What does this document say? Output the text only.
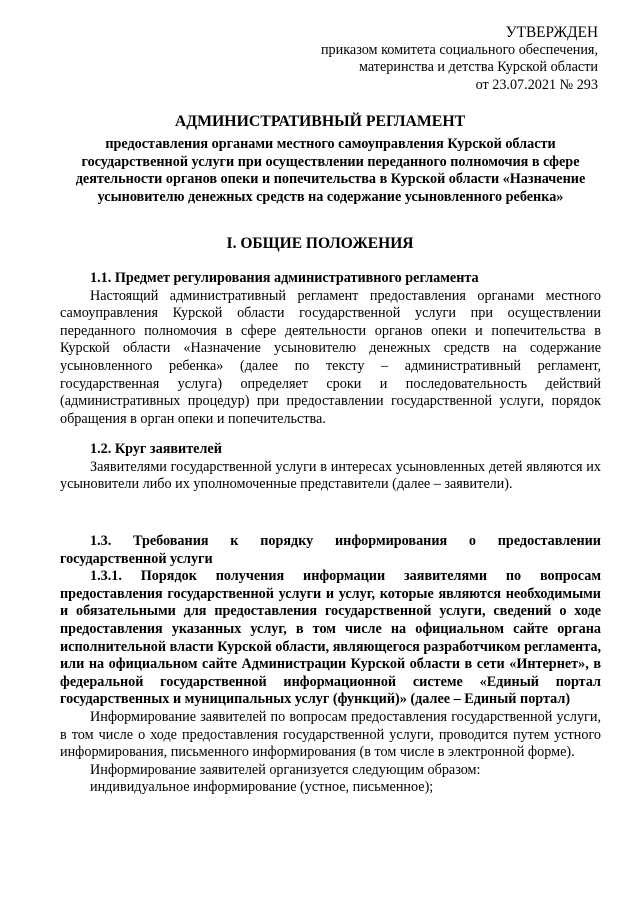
УТВЕРЖДЕН
приказом комитета социального обеспечения,
материнства и детства Курской области
от 23.07.2021 № 293
АДМИНИСТРАТИВНЫЙ РЕГЛАМЕНТ
предоставления органами местного самоуправления Курской области государственной услуги при осуществлении переданного полномочия в сфере деятельности органов опеки и попечительства в Курской области «Назначение усыновителю денежных средств на содержание усыновленного ребенка»
I. ОБЩИЕ ПОЛОЖЕНИЯ
1.1. Предмет регулирования административного регламента
Настоящий административный регламент предоставления органами местного самоуправления Курской области государственной услуги при осуществлении переданного полномочия в сфере деятельности органов опеки и попечительства в Курской области «Назначение усыновителю денежных средств на содержание усыновленного ребенка» (далее по тексту – административный регламент, государственная услуга) определяет сроки и последовательность действий (административных процедур) при предоставлении государственной услуги, порядок обращения в орган опеки и попечительства.
1.2. Круг заявителей
Заявителями государственной услуги в интересах усыновленных детей являются их усыновители либо их уполномоченные представители (далее – заявители).
1.3. Требования к порядку информирования о предоставлении государственной услуги
1.3.1. Порядок получения информации заявителями по вопросам предоставления государственной услуги и услуг, которые являются необходимыми и обязательными для предоставления государственной услуги, сведений о ходе предоставления указанных услуг, в том числе на официальном сайте органа исполнительной власти Курской области, являющегося разработчиком регламента, или на официальном сайте Администрации Курской области в сети «Интернет», в федеральной государственной информационной системе «Единый портал государственных и муниципальных услуг (функций)» (далее – Единый портал)
Информирование заявителей по вопросам предоставления государственной услуги, в том числе о ходе предоставления государственной услуги, проводится путем устного информирования, письменного информирования (в том числе в электронной форме).
Информирование заявителей организуется следующим образом:
индивидуальное информирование (устное, письменное);
